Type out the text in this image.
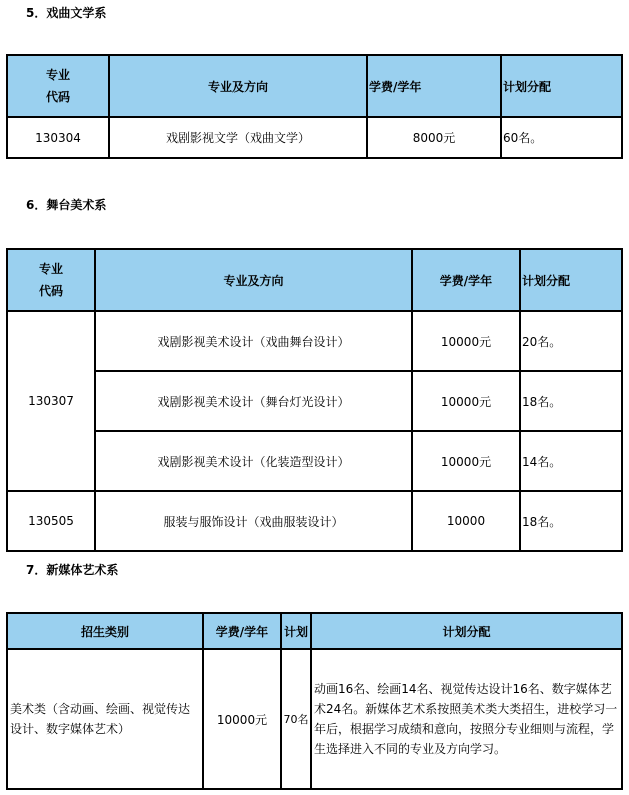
5．戏曲文学系
专业
代码	专业及方向	学费/学年	计划分配
130304	戏剧影视文学（戏曲文学）	8000元	60名。
6．舞台美术系
专业
代码	专业及方向	学费/学年	计划分配
130307	戏剧影视美术设计（戏曲舞台设计）	10000元	20名。
	戏剧影视美术设计（舞台灯光设计）	10000元	18名。
	戏剧影视美术设计（化装造型设计）	10000元	14名。
130505	服装与服饰设计（戏曲服装设计）	10000	18名。
7．新媒体艺术系
招生类别	学费/学年	计划	计划分配
美术类（含动画、绘画、视觉传达设计、数字媒体艺术）	10000元	70名	动画16名、绘画14名、视觉传达设计16名、数字媒体艺术24名。新媒体艺术系按照美术类大类招生，进校学习一年后，根据学习成绩和意向，按照分专业细则与流程，学生选择进入不同的专业及方向学习。
